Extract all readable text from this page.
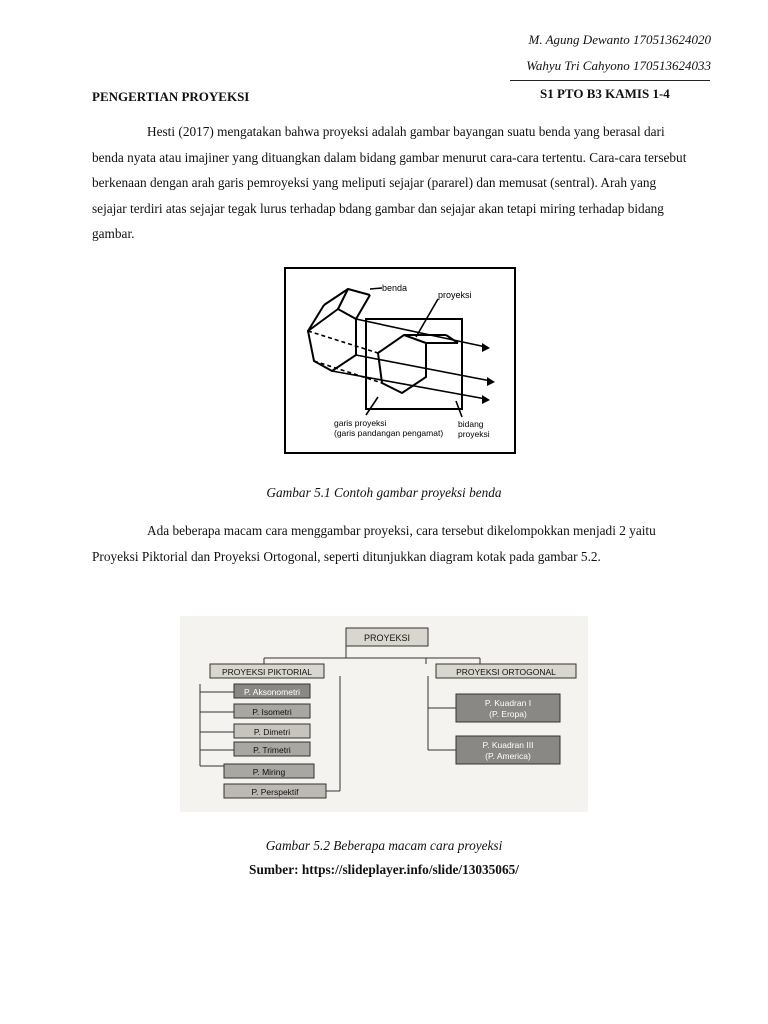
M. Agung Dewanto 170513624020
Wahyu Tri Cahyono 170513624033
S1 PTO B3 KAMIS 1-4
PENGERTIAN PROYEKSI
Hesti (2017) mengatakan bahwa proyeksi adalah gambar bayangan suatu benda yang berasal dari benda nyata atau imajiner yang dituangkan dalam bidang gambar menurut cara-cara tertentu. Cara-cara tersebut berkenaan dengan arah garis pemroyeksi yang meliputi sejajar (pararel) dan memusat (sentral). Arah yang sejajar terdiri atas sejajar tegak lurus terhadap bdang gambar dan sejajar akan tetapi miring terhadap bidang gambar.
benda
proyeksi
garis proyeksi
(garis pandangan pengamat)
bidang
proyeksi
Gambar 5.1 Contoh gambar proyeksi benda
Ada beberapa macam cara menggambar proyeksi, cara tersebut dikelompokkan menjadi 2 yaitu Proyeksi Piktorial dan Proyeksi Ortogonal, seperti ditunjukkan diagram kotak pada gambar 5.2.
PROYEKSI
PROYEKSI PIKTORIAL	PROYEKSI ORTOGONAL
P. Aksonometri
P. Isometri
P. Dimetri
P. Trimetri
P. Miring
P. Perspektif
P. Kuadran I
(P. Eropa)
P. Kuadran III
(P. America)
Gambar 5.2 Beberapa macam cara proyeksi
Sumber: https://slideplayer.info/slide/13035065/
